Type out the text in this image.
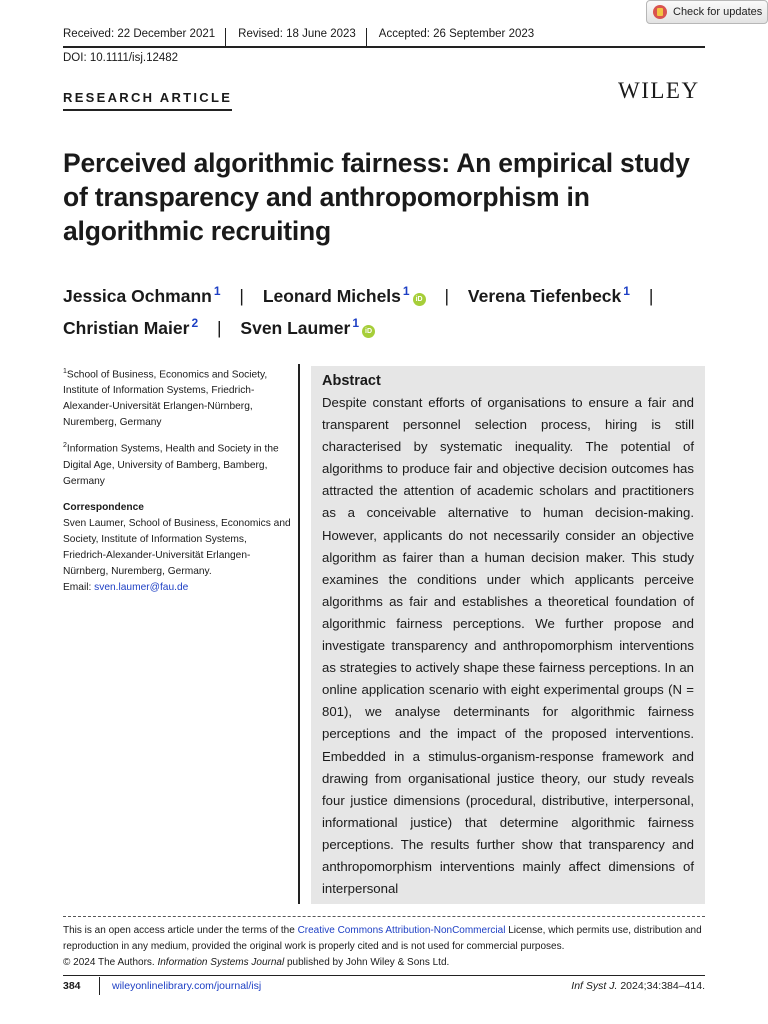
Check for updates
Received: 22 December 2021	Revised: 18 June 2023	Accepted: 26 September 2023
DOI: 10.1111/isj.12482
RESEARCH ARTICLE	WILEY
Perceived algorithmic fairness: An empirical study of transparency and anthropomorphism in algorithmic recruiting
Jessica Ochmann $^1$ | Leonard Michels $^1$iD | Verena Tiefenbeck $^1$ |
Christian Maier $^2$ | Sven Laumer $^1$iD

$^1$School of Business, Economics and Society, Institute of Information Systems, Friedrich-Alexander-Universität Erlangen-Nürnberg, Nuremberg, Germany

$^2$Information Systems, Health and Society in the Digital Age, University of Bamberg, Bamberg, Germany

Correspondence

Sven Laumer, School of Business, Economics and Society, Institute of Information Systems, Friedrich-Alexander-Universität Erlangen-Nürnberg, Nuremberg, Germany.
Email: sven.laumer@fau.de

Abstract

Despite constant efforts of organisations to ensure a fair and transparent personnel selection process, hiring is still characterised by systematic inequality. The potential of algorithms to produce fair and objective decision outcomes has attracted the attention of academic scholars and practitioners as a conceivable alternative to human decision-making. However, applicants do not necessarily consider an objective algorithm as fairer than a human decision maker. This study examines the conditions under which applicants perceive algorithms as fair and establishes a theoretical foundation of algorithmic fairness perceptions. We further propose and investigate transparency and anthropomorphism interventions as strategies to actively shape these fairness perceptions. In an online application scenario with eight experimental groups (N = 801), we analyse determinants for algorithmic fairness perceptions and the impact of the proposed interventions. Embedded in a stimulus-organism-response framework and drawing from organisational justice theory, our study reveals four justice dimensions (procedural, distributive, interpersonal, informational justice) that determine algorithmic fairness perceptions. The results further show that transparency and anthropomorphism interventions mainly affect dimensions of interpersonal

This is an open access article under the terms of the Creative Commons Attribution-NonCommercial License, which permits use, distribution and reproduction in any medium, provided the original work is properly cited and is not used for commercial purposes.
© 2024 The Authors. Information Systems Journal published by John Wiley & Sons Ltd.
384	wileyonlinelibrary.com/journal/isj	Inf Syst J. 2024;34:384–414.
